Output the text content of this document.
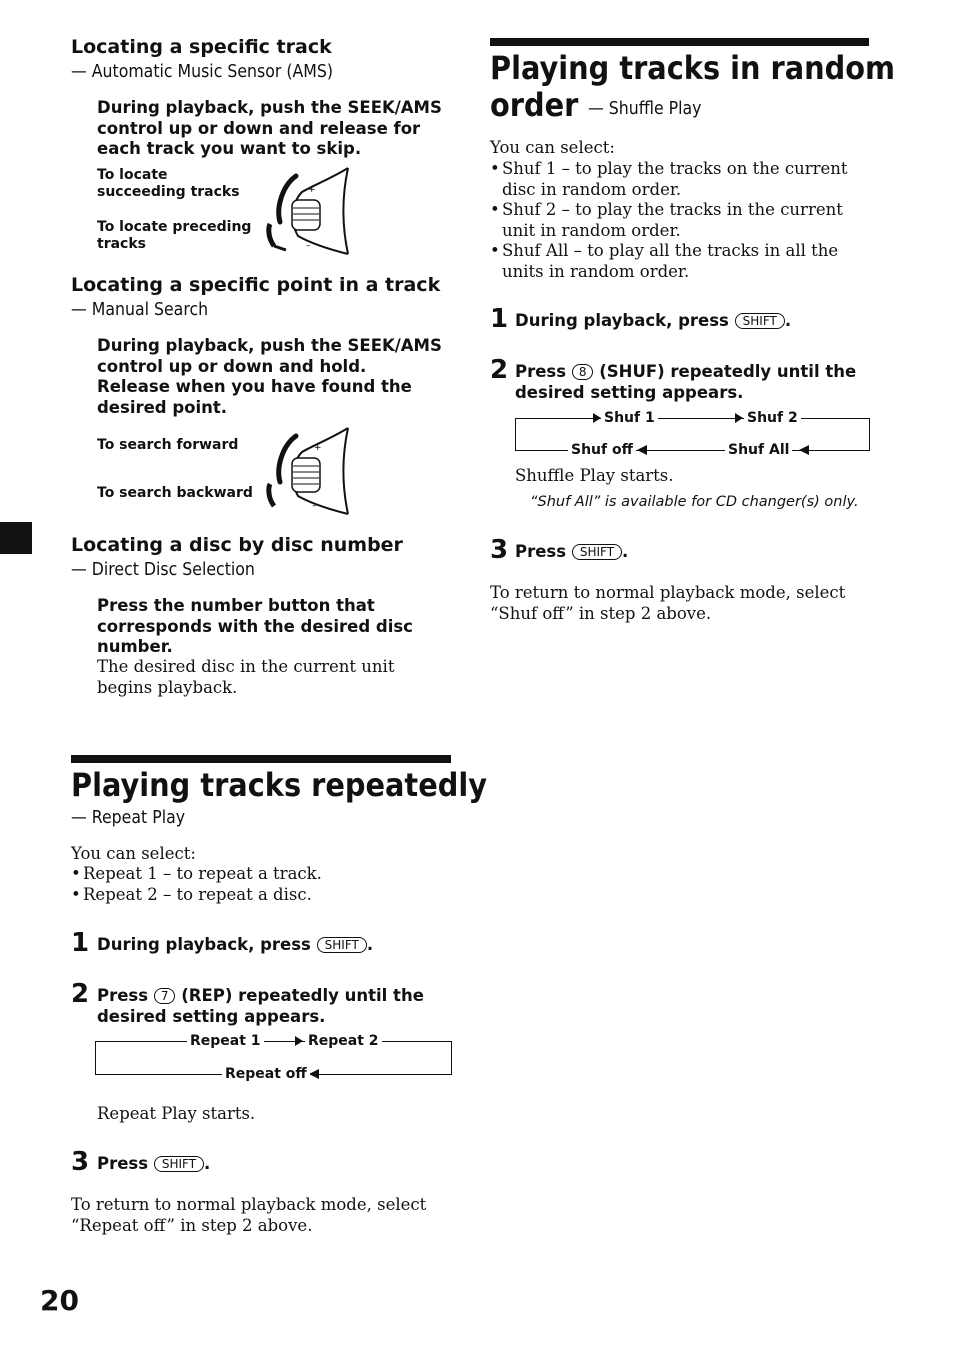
Locating a specific track
— Automatic Music Sensor (AMS)
During playback, push the SEEK/AMS control up or down and release for each track you want to skip.
To locate succeeding tracks
To locate preceding tracks
+
–
Locating a specific point in a track
— Manual Search
During playback, push the SEEK/AMS control up or down and hold.
Release when you have found the desired point.
To search forward
To search backward
+
–
Locating a disc by disc number
— Direct Disc Selection
Press the number button that corresponds with the desired disc number.
The desired disc in the current unit begins playback.
Playing tracks repeatedly
— Repeat Play
You can select:
• Repeat 1 – to repeat a track.
• Repeat 2 – to repeat a disc.
1 During playback, press SHIFT .
2 Press 7 (REP) repeatedly until the desired setting appears.
Repeat 1	Repeat 2
Repeat off
Repeat Play starts.
3 Press SHIFT .
To return to normal playback mode, select “Repeat off” in step 2 above.
20
Playing tracks in random
order — Shuffle Play
You can select:
• Shuf 1 – to play the tracks on the current disc in random order.
• Shuf 2 – to play the tracks in the current unit in random order.
• Shuf All – to play all the tracks in all the units in random order.
1 During playback, press SHIFT .
2 Press 8 (SHUF) repeatedly until the desired setting appears.
Shuf 1	Shuf 2
Shuf off	Shuf All
Shuffle Play starts.
“Shuf All” is available for CD changer(s) only.
3 Press SHIFT .
To return to normal playback mode, select “Shuf off” in step 2 above.
